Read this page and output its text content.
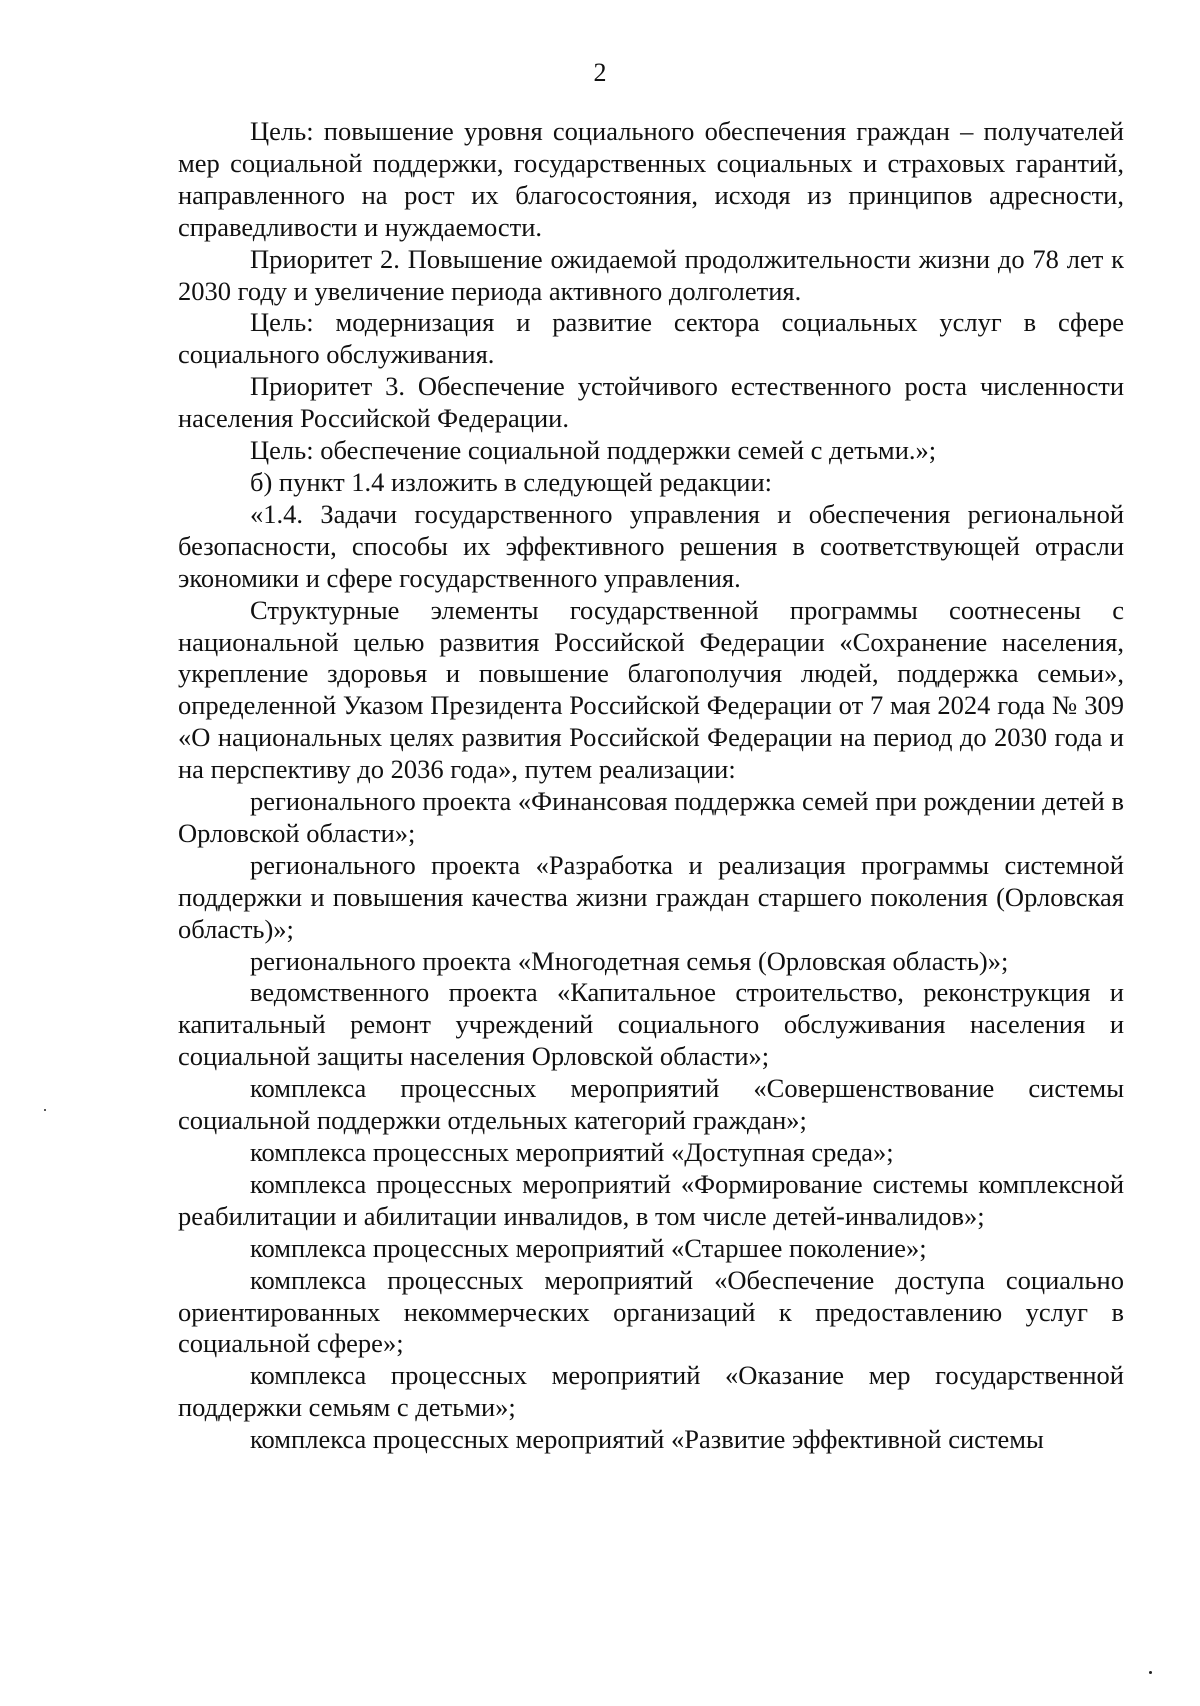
2

Цель: повышение уровня социального обеспечения граждан – получателей мер социальной поддержки, государственных социальных и страховых гарантий, направленного на рост их благосостояния, исходя из принципов адресности, справедливости и нуждаемости.

Приоритет 2. Повышение ожидаемой продолжительности жизни до 78 лет к 2030 году и увеличение периода активного долголетия.

Цель: модернизация и развитие сектора социальных услуг в сфере социального обслуживания.

Приоритет 3. Обеспечение устойчивого естественного роста численности населения Российской Федерации.

Цель: обеспечение социальной поддержки семей с детьми.»;

б) пункт 1.4 изложить в следующей редакции:

«1.4. Задачи государственного управления и обеспечения региональной безопасности, способы их эффективного решения в соответствующей отрасли экономики и сфере государственного управления.

Структурные элементы государственной программы соотнесены с национальной целью развития Российской Федерации «Сохранение населения, укрепление здоровья и повышение благополучия людей, поддержка семьи», определенной Указом Президента Российской Федерации от 7 мая 2024 года № 309 «О национальных целях развития Российской Федерации на период до 2030 года и на перспективу до 2036 года», путем реализации:

регионального проекта «Финансовая поддержка семей при рождении детей в Орловской области»;

регионального проекта «Разработка и реализация программы системной поддержки и повышения качества жизни граждан старшего поколения (Орловская область)»;

регионального проекта «Многодетная семья (Орловская область)»;

ведомственного проекта «Капитальное строительство, реконструкция и капитальный ремонт учреждений социального обслуживания населения и социальной защиты населения Орловской области»;

комплекса процессных мероприятий «Совершенствование системы социальной поддержки отдельных категорий граждан»;

комплекса процессных мероприятий «Доступная среда»;

комплекса процессных мероприятий «Формирование системы комплексной реабилитации и абилитации инвалидов, в том числе детей-инвалидов»;

комплекса процессных мероприятий «Старшее поколение»;

комплекса процессных мероприятий «Обеспечение доступа социально ориентированных некоммерческих организаций к предоставлению услуг в социальной сфере»;

комплекса процессных мероприятий «Оказание мер государственной поддержки семьям с детьми»;

комплекса процессных мероприятий «Развитие эффективной системы
